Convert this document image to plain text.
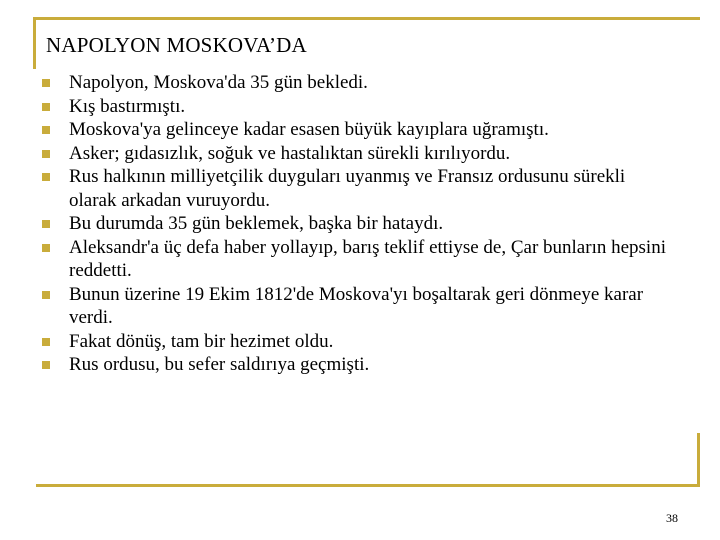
NAPOLYON MOSKOVA’DA
Napolyon, Moskova'da 35 gün bekledi.
Kış bastırmıştı.
Moskova'ya gelinceye kadar esasen büyük kayıplara uğramıştı.
Asker; gıdasızlık, soğuk ve hastalıktan sürekli kırılıyordu.
Rus halkının milliyetçilik duyguları uyanmış ve Fransız ordusunu sürekli olarak arkadan vuruyordu.
Bu durumda 35 gün beklemek, başka bir hataydı.
Aleksandr'a üç defa haber yollayıp, barış teklif ettiyse de, Çar bunların hepsini reddetti.
Bunun üzerine 19 Ekim 1812'de Moskova'yı boşaltarak geri dönmeye karar verdi.
Fakat dönüş, tam bir hezimet oldu.
Rus ordusu, bu sefer saldırıya geçmişti.
38
